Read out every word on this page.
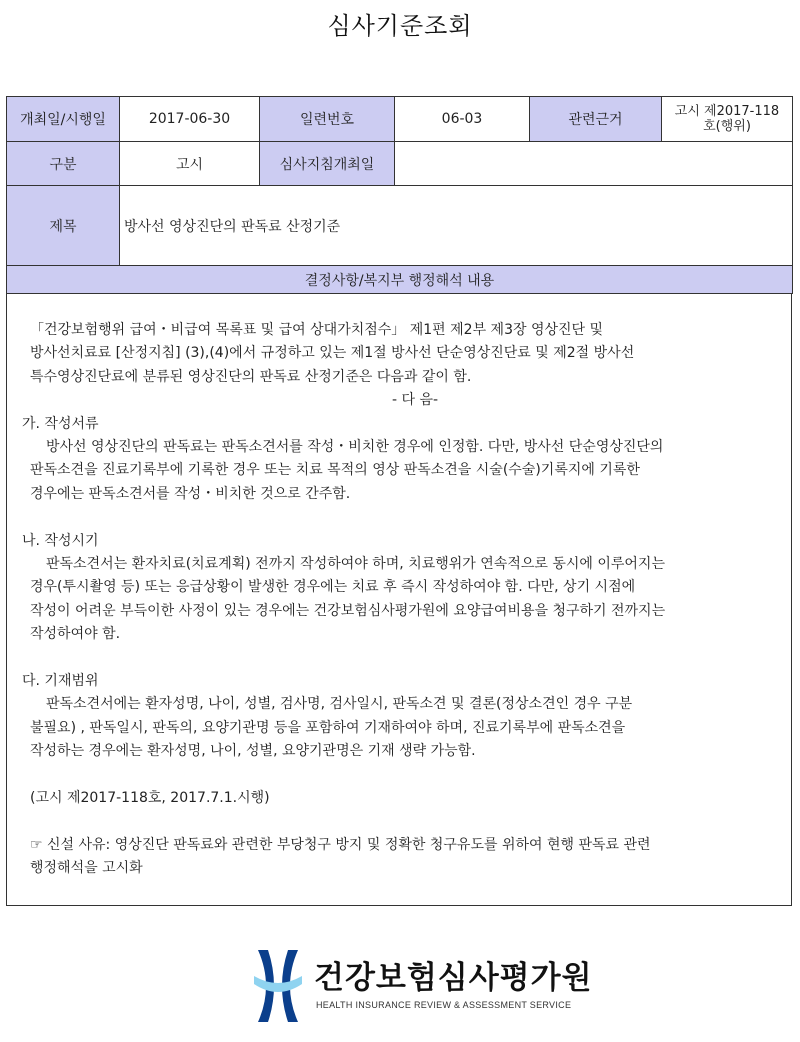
심사기준조회
개최일/시행일	2017-06-30	일련번호	06-03	관련근거	고시 제2017-118
호(행위)

구분	고시	심사지침개최일			
제목	방사선 영상진단의 판독료 산정기준				
결정사항/복지부 행정해석 내용					

「건강보험행위 급여・비급여 목록표 및 급여 상대가치점수」 제1편 제2부 제3장 영상진단 및

방사선치료료 [산정지침] (3),(4)에서 규정하고 있는 제1절 방사선 단순영상진단료 및 제2절 방사선

특수영상진단료에 분류된 영상진단의 판독료 산정기준은 다음과 같이 함.

- 다 음-

가. 작성서류

방사선 영상진단의 판독료는 판독소견서를 작성・비치한 경우에 인정함. 다만, 방사선 단순영상진단의

판독소견을 진료기록부에 기록한 경우 또는 치료 목적의 영상 판독소견을 시술(수술)기록지에 기록한

경우에는 판독소견서를 작성・비치한 것으로 간주함.

나. 작성시기

판독소견서는 환자치료(치료계획) 전까지 작성하여야 하며, 치료행위가 연속적으로 동시에 이루어지는

경우(투시촬영 등) 또는 응급상황이 발생한 경우에는 치료 후 즉시 작성하여야 함. 다만, 상기 시점에

작성이 어려운 부득이한 사정이 있는 경우에는 건강보험심사평가원에 요양급여비용을 청구하기 전까지는

작성하여야 함.

다. 기재범위

판독소견서에는 환자성명, 나이, 성별, 검사명, 검사일시, 판독소견 및 결론(정상소견인 경우 구분

불필요) , 판독일시, 판독의, 요양기관명 등을 포함하여 기재하여야 하며, 진료기록부에 판독소견을

작성하는 경우에는 환자성명, 나이, 성별, 요양기관명은 기재 생략 가능함.

(고시 제2017-118호, 2017.7.1.시행)

☞ 신설 사유: 영상진단 판독료와 관련한 부당청구 방지 및 정확한 청구유도를 위하여 현행 판독료 관련

행정해석을 고시화

건강보험심사평가원
HEALTH INSURANCE REVIEW & ASSESSMENT SERVICE
